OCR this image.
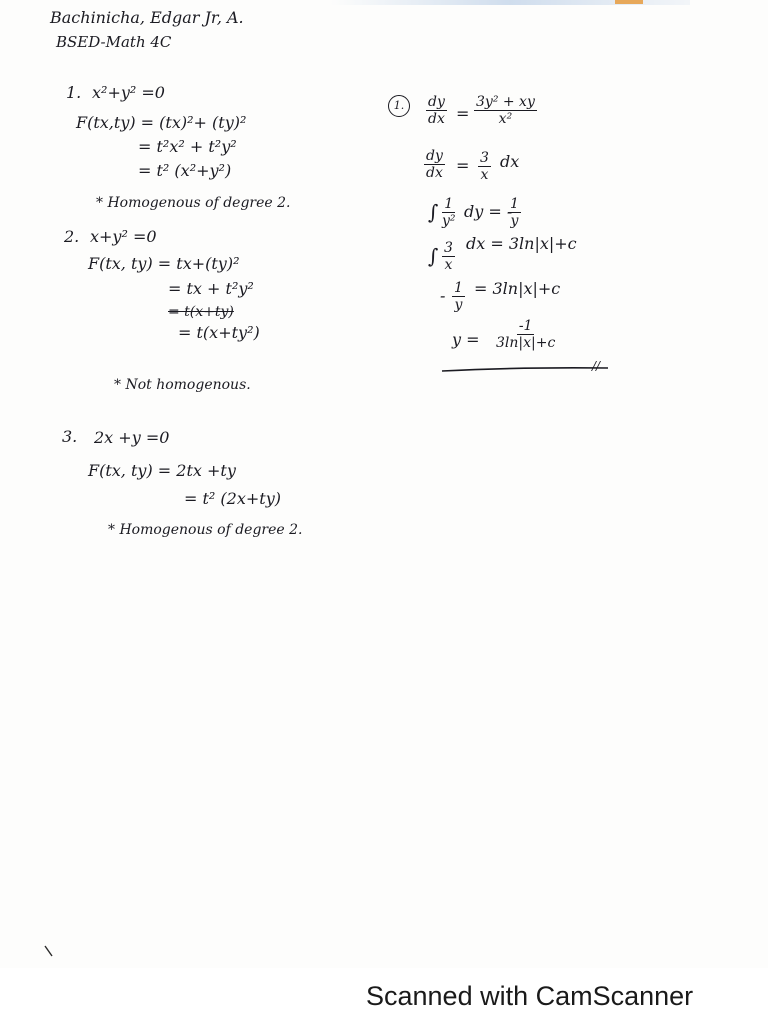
Bachinicha, Edgar Jr, A.
BSED-Math 4C
1. x²+y² =0
F(tx,ty) = (tx)²+ (ty)²
= t²x² + t²y²
= t² (x²+y²)
* Homogenous of degree 2.
2. x+y² =0
F(tx, ty) = tx+(ty)²
= tx + t²y²
= t(x+ty)
= t(x+ty²)
* Not homogenous.
3. 2x +y =0
F(tx, ty) = 2tx +ty
= t² (2x+ty)
* Homogenous of degree 2.
1.	$\frac{dy}{dx} = \frac{\text{3y² + xy}}{\text{x²}}$
$\frac{dy}{dx} = \frac{3}{x}$ dx
∫ $\frac{1}{\text{y²}}$ dy = -
$\frac{1}{y}$
∫ $\frac{3}{x}$ dx = 3ln|x|+c
- $\frac{1}{y} = 3\ln|x|+c$
$y = \frac{-1}{3\ln|x|+c}$
//
Scanned with CamScanner
